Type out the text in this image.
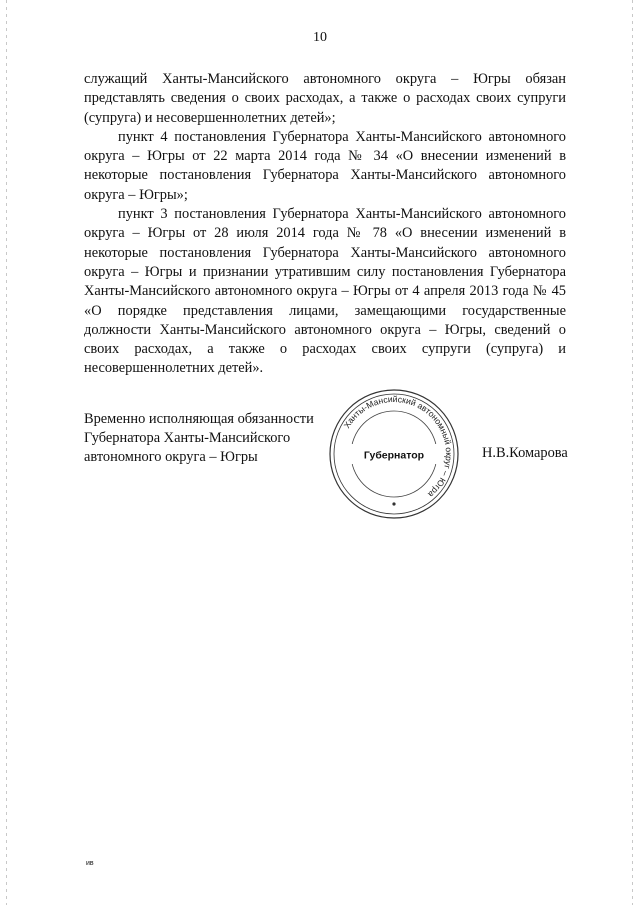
10

служащий Ханты-Мансийского автономного округа – Югры обязан представлять сведения о своих расходах, а также о расходах своих супруги (супруга) и несовершеннолетних детей»;

пункт 4 постановления Губернатора Ханты-Мансийского автономного округа – Югры от 22 марта 2014 года № 34 «О внесении изменений в некоторые постановления Губернатора Ханты-Мансийского автономного округа – Югры»;

пункт 3 постановления Губернатора Ханты-Мансийского автономного округа – Югры от 28 июля 2014 года № 78 «О внесении изменений в некоторые постановления Губернатора Ханты-Мансийского автономного округа – Югры и признании утратившим силу постановления Губернатора Ханты-Мансийского автономного округа – Югры от 4 апреля 2013 года № 45 «О порядке представления лицами, замещающими государственные должности Ханты-Мансийского автономного округа – Югры, сведений о своих расходах, а также о расходах своих супруги (супруга) и несовершеннолетних детей».

Временно исполняющая обязанности
Губернатора Ханты-Мансийского
автономного округа – Югры
Ханты-Мансийский автономный округ – Югра
Губернатор	Н.В.Комарова
ив
